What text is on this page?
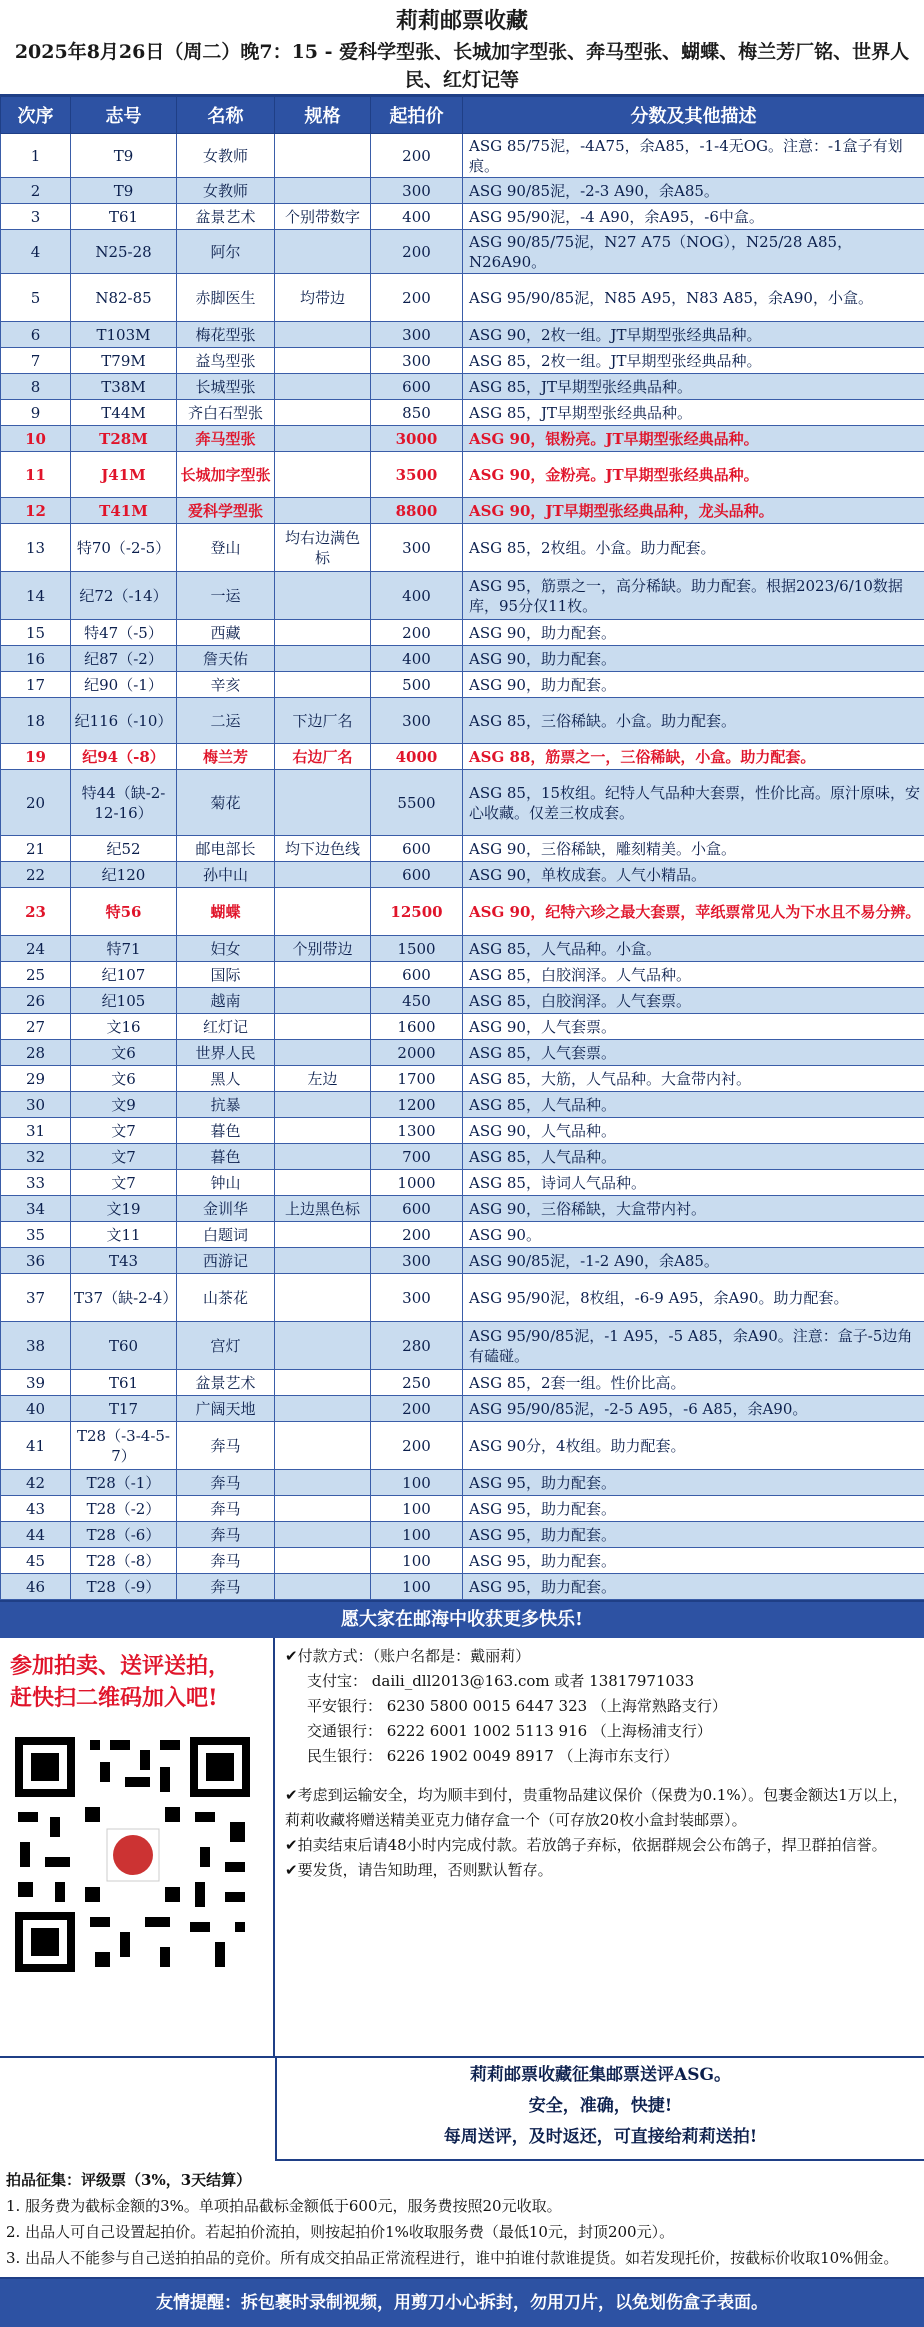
莉莉邮票收藏
2025年8月26日（周二）晚7：15 - 爱科学型张、长城加字型张、奔马型张、蝴蝶、梅兰芳厂铭、世界人民、红灯记等
次序	志号	名称	规格	起拍价	分数及其他描述
1	T9	女教师		200	ASG 85/75泥，-4A75，余A85，-1-4无OG。注意：-1盒子有划痕。
2	T9	女教师		300	ASG 90/85泥，-2-3 A90，余A85。
3	T61	盆景艺术	个别带数字	400	ASG 95/90泥，-4 A90，余A95，-6中盒。
4	N25-28	阿尔		200	ASG 90/85/75泥，N27 A75（NOG），N25/28 A85，N26A90。
5	N82-85	赤脚医生	均带边	200	ASG 95/90/85泥，N85 A95，N83 A85，余A90，小盒。
6	T103M	梅花型张		300	ASG 90，2枚一组。JT早期型张经典品种。
7	T79M	益鸟型张		300	ASG 85，2枚一组。JT早期型张经典品种。
8	T38M	长城型张		600	ASG 85，JT早期型张经典品种。
9	T44M	齐白石型张		850	ASG 85，JT早期型张经典品种。
10	T28M	奔马型张		3000	ASG 90，银粉亮。JT早期型张经典品种。
11	J41M	长城加字型张		3500	ASG 90，金粉亮。JT早期型张经典品种。
12	T41M	爱科学型张		8800	ASG 90，JT早期型张经典品种，龙头品种。
13	特70（-2-5）	登山	均右边满色标	300	ASG 85，2枚组。小盒。助力配套。
14	纪72（-14）	一运		400	ASG 95，筋票之一，高分稀缺。助力配套。根据2023/6/10数据库，95分仅11枚。
15	特47（-5）	西藏		200	ASG 90，助力配套。
16	纪87（-2）	詹天佑		400	ASG 90，助力配套。
17	纪90（-1）	辛亥		500	ASG 90，助力配套。
18	纪116（-10）	二运	下边厂名	300	ASG 85，三俗稀缺。小盒。助力配套。
19	纪94（-8）	梅兰芳	右边厂名	4000	ASG 88，筋票之一，三俗稀缺，小盒。助力配套。
20	特44（缺-2-12-16）	菊花		5500	ASG 85，15枚组。纪特人气品种大套票，性价比高。原汁原味，安心收藏。仅差三枚成套。
21	纪52	邮电部长	均下边色线	600	ASG 90，三俗稀缺，雕刻精美。小盒。
22	纪120	孙中山		600	ASG 90，单枚成套。人气小精品。
23	特56	蝴蝶		12500	ASG 90，纪特六珍之最大套票，苹纸票常见人为下水且不易分辨。
24	特71	妇女	个别带边	1500	ASG 85，人气品种。小盒。
25	纪107	国际		600	ASG 85，白胶润泽。人气品种。
26	纪105	越南		450	ASG 85，白胶润泽。人气套票。
27	文16	红灯记		1600	ASG 90，人气套票。
28	文6	世界人民		2000	ASG 85，人气套票。
29	文6	黑人	左边	1700	ASG 85，大筋，人气品种。大盒带内衬。
30	文9	抗暴		1200	ASG 85，人气品种。
31	文7	暮色		1300	ASG 90，人气品种。
32	文7	暮色		700	ASG 85，人气品种。
33	文7	钟山		1000	ASG 85，诗词人气品种。
34	文19	金训华	上边黑色标	600	ASG 90，三俗稀缺，大盒带内衬。
35	文11	白题词		200	ASG 90。
36	T43	西游记		300	ASG 90/85泥，-1-2 A90，余A85。
37	T37（缺-2-4）	山茶花		300	ASG 95/90泥，8枚组，-6-9 A95，余A90。助力配套。
38	T60	宫灯		280	ASG 95/90/85泥，-1 A95，-5 A85，余A90。注意：盒子-5边角有磕碰。
39	T61	盆景艺术		250	ASG 85，2套一组。性价比高。
40	T17	广阔天地		200	ASG 95/90/85泥，-2-5 A95，-6 A85，余A90。
41	T28（-3-4-5-7）	奔马		200	ASG 90分，4枚组。助力配套。
42	T28（-1）	奔马		100	ASG 95，助力配套。
43	T28（-2）	奔马		100	ASG 95，助力配套。
44	T28（-6）	奔马		100	ASG 95，助力配套。
45	T28（-8）	奔马		100	ASG 95，助力配套。
46	T28（-9）	奔马		100	ASG 95，助力配套。
愿大家在邮海中收获更多快乐!
参加拍卖、送评送拍，
赶快扫二维码加入吧!
✔付款方式：（账户名都是：戴丽莉）
支付宝： daili_dll2013@163.com 或者 13817971033
平安银行： 6230 5800 0015 6447 323 （上海常熟路支行）
交通银行： 6222 6001 1002 5113 916 （上海杨浦支行）
民生银行： 6226 1902 0049 8917 （上海市东支行）
✔考虑到运输安全，均为顺丰到付，贵重物品建议保价（保费为0.1%）。包裹金额达1万以上，莉莉收藏将赠送精美亚克力储存盒一个（可存放20枚小盒封装邮票）。
✔拍卖结束后请48小时内完成付款。若放鸽子弃标，依据群规会公布鸽子，捍卫群拍信誉。
✔要发货，请告知助理，否则默认暂存。
莉莉邮票收藏征集邮票送评ASG。
安全，准确，快捷!
每周送评，及时返还，可直接给莉莉送拍!
拍品征集：评级票（3%，3天结算）
1. 服务费为截标金额的3%。单项拍品截标金额低于600元，服务费按照20元收取。
2. 出品人可自己设置起拍价。若起拍价流拍，则按起拍价1%收取服务费（最低10元，封顶200元）。
3. 出品人不能参与自己送拍拍品的竞价。所有成交拍品正常流程进行，谁中拍谁付款谁提货。如若发现托价，按截标价收取10%佣金。
友情提醒：拆包裹时录制视频，用剪刀小心拆封，勿用刀片，以免划伤盒子表面。
